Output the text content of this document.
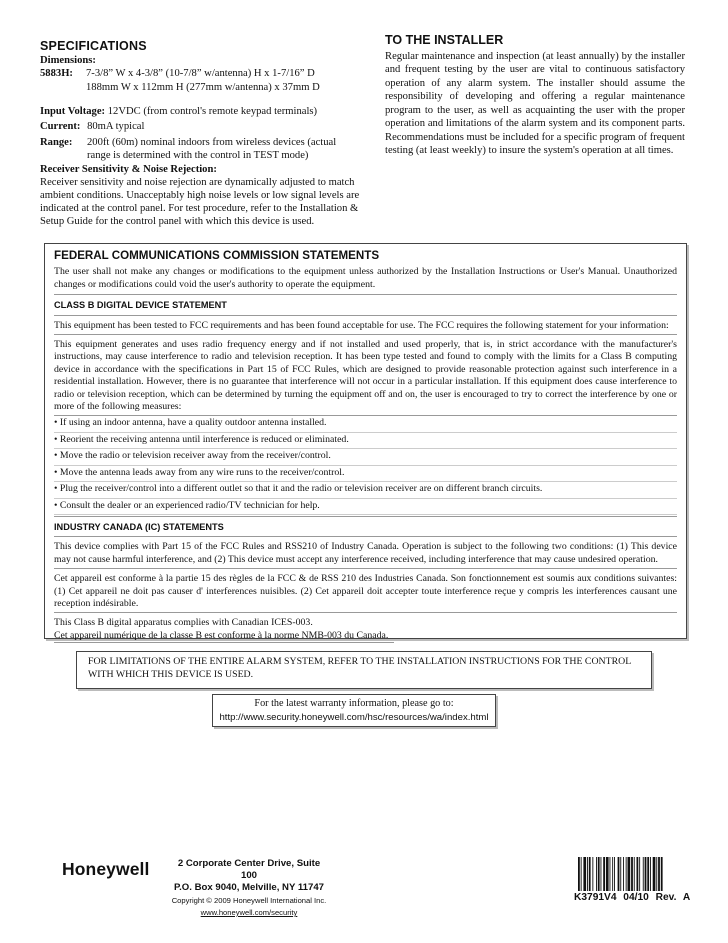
SPECIFICATIONS
Dimensions:
5883H:	7-3/8” W x 4-3/8” (10-7/8” w/antenna) H x 1-7/16” D
188mm W x 112mm H (277mm w/antenna) x 37mm D
Input Voltage: 12VDC (from control's remote keypad terminals)
Current: 80mA typical
Range:	200ft (60m) nominal indoors from wireless devices (actual range is determined with the control in TEST mode)
Receiver Sensitivity & Noise Rejection:

Receiver sensitivity and noise rejection are dynamically adjusted to match ambient conditions. Unacceptably high noise levels or low signal levels are indicated at the control panel. For test procedure, refer to the Installation & Setup Guide for the control panel with which this device is used.

TO THE INSTALLER

Regular maintenance and inspection (at least annually) by the installer and frequent testing by the user are vital to continuous satisfactory operation of any alarm system. The installer should assume the responsibility of developing and offering a regular maintenance program to the user, as well as acquainting the user with the proper operation and limitations of the alarm system and its component parts. Recommendations must be included for a specific program of frequent testing (at least weekly) to insure the system's operation at all times.

FEDERAL COMMUNICATIONS COMMISSION STATEMENTS

The user shall not make any changes or modifications to the equipment unless authorized by the Installation Instructions or User's Manual. Unauthorized changes or modifications could void the user's authority to operate the equipment.

CLASS B DIGITAL DEVICE STATEMENT

This equipment has been tested to FCC requirements and has been found acceptable for use. The FCC requires the following statement for your information:

This equipment generates and uses radio frequency energy and if not installed and used properly, that is, in strict accordance with the manufacturer's instructions, may cause interference to radio and television reception. It has been type tested and found to comply with the limits for a Class B computing device in accordance with the specifications in Part 15 of FCC Rules, which are designed to provide reasonable protection against such interference in a residential installation. However, there is no guarantee that interference will not occur in a particular installation. If this equipment does cause interference to radio or television reception, which can be determined by turning the equipment off and on, the user is encouraged to try to correct the interference by one or more of the following measures:

• If using an indoor antenna, have a quality outdoor antenna installed.
• Reorient the receiving antenna until interference is reduced or eliminated.
• Move the radio or television receiver away from the receiver/control.
• Move the antenna leads away from any wire runs to the receiver/control.
• Plug the receiver/control into a different outlet so that it and the radio or television receiver are on different branch circuits.
• Consult the dealer or an experienced radio/TV technician for help.
INDUSTRY CANADA (IC) STATEMENTS

This device complies with Part 15 of the FCC Rules and RSS210 of Industry Canada. Operation is subject to the following two conditions: (1) This device may not cause harmful interference, and (2) This device must accept any interference received, including interference that may cause undesired operation.

Cet appareil est conforme à la partie 15 des règles de la FCC & de RSS 210 des Industries Canada. Son fonctionnement est soumis aux conditions suivantes: (1) Cet appareil ne doit pas causer d' interferences nuisibles. (2) Cet appareil doit accepter toute interference reçue y compris les interferences causant une reception indésirable.

This Class B digital apparatus complies with Canadian ICES-003.
Cet appareil numérique de la classe B est conforme à la norme NMB-003 du Canada.
FOR LIMITATIONS OF THE ENTIRE ALARM SYSTEM, REFER TO THE INSTALLATION INSTRUCTIONS FOR THE CONTROL WITH WHICH THIS DEVICE IS USED.
For the latest warranty information, please go to:
http://www.security.honeywell.com/hsc/resources/wa/index.html
Honeywell	2 Corporate Center Drive, Suite 100
P.O. Box 9040, Melville, NY 11747
Copyright © 2009 Honeywell International Inc.
www.honeywell.com/security
K3791V4 04/10 Rev. A
